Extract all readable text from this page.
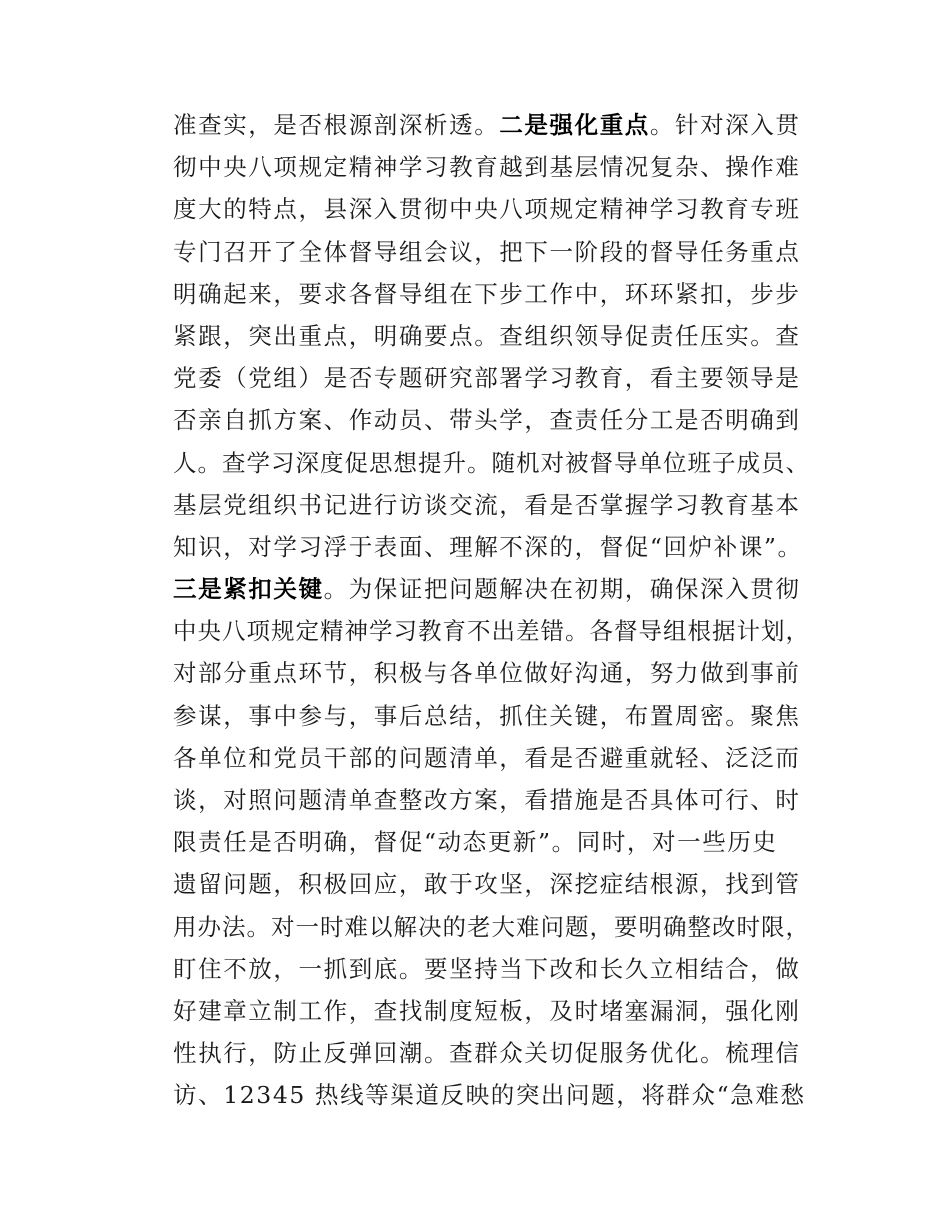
准查实，是否根源剖深析透。二是强化重点。针对深入贯
彻中央八项规定精神学习教育越到基层情况复杂、操作难
度大的特点，县深入贯彻中央八项规定精神学习教育专班
专门召开了全体督导组会议，把下一阶段的督导任务重点
明确起来，要求各督导组在下步工作中，环环紧扣，步步
紧跟，突出重点，明确要点。查组织领导促责任压实。查
党委（党组）是否专题研究部署学习教育，看主要领导是
否亲自抓方案、作动员、带头学，查责任分工是否明确到
人。查学习深度促思想提升。随机对被督导单位班子成员、
基层党组织书记进行访谈交流，看是否掌握学习教育基本
知识，对学习浮于表面、理解不深的，督促“回炉补课”。
三是紧扣关键。为保证把问题解决在初期，确保深入贯彻
中央八项规定精神学习教育不出差错。各督导组根据计划，
对部分重点环节，积极与各单位做好沟通，努力做到事前
参谋，事中参与，事后总结，抓住关键，布置周密。聚焦
各单位和党员干部的问题清单，看是否避重就轻、泛泛而
谈，对照问题清单查整改方案，看措施是否具体可行、时
限责任是否明确，督促“动态更新”。同时，对一些历史
遗留问题，积极回应，敢于攻坚，深挖症结根源，找到管
用办法。对一时难以解决的老大难问题，要明确整改时限，
盯住不放，一抓到底。要坚持当下改和长久立相结合，做
好建章立制工作，查找制度短板，及时堵塞漏洞，强化刚
性执行，防止反弹回潮。查群众关切促服务优化。梳理信
访、12345 热线等渠道反映的突出问题，将群众“急难愁
